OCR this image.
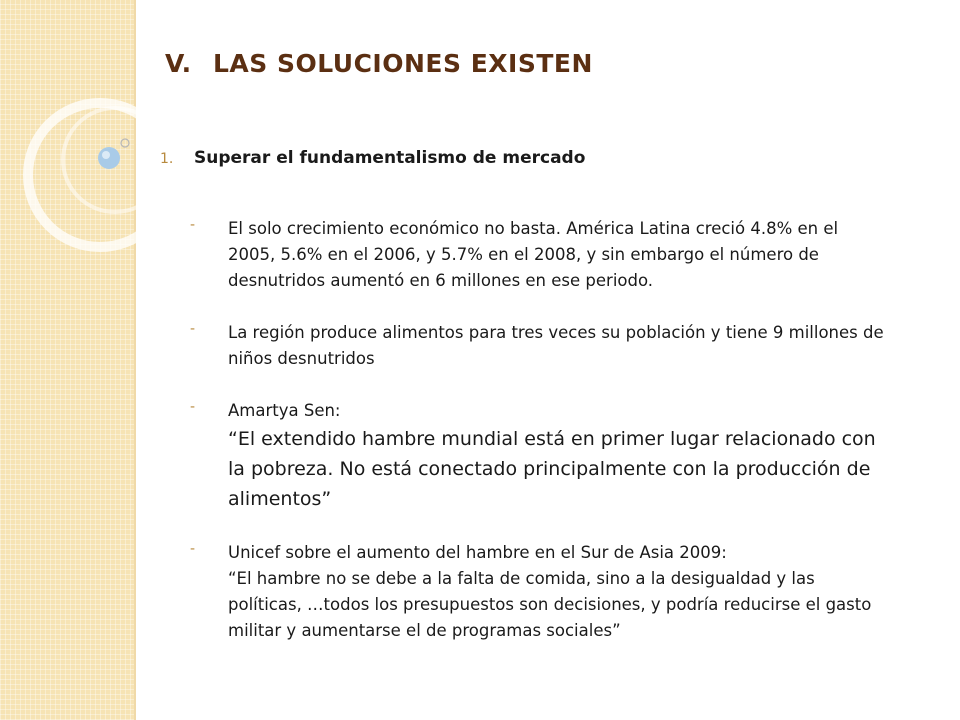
V. LAS SOLUCIONES EXISTEN
1. Superar el fundamentalismo de mercado
- El solo crecimiento económico no basta. América Latina creció 4.8% en el 2005, 5.6% en el 2006, y 5.7% en el 2008, y sin embargo el número de desnutridos aumentó en 6 millones en ese periodo.
- La región produce alimentos para tres veces su población y tiene 9 millones de niños desnutridos
- Amartya Sen:
“El extendido hambre mundial está en primer lugar relacionado con la pobreza. No está conectado principalmente con la producción de alimentos”
- Unicef sobre el aumento del hambre en el Sur de Asia 2009:
“El hambre no se debe a la falta de comida, sino a la desigualdad y las políticas, …todos los presupuestos son decisiones, y podría reducirse el gasto militar y aumentarse el de programas sociales”
